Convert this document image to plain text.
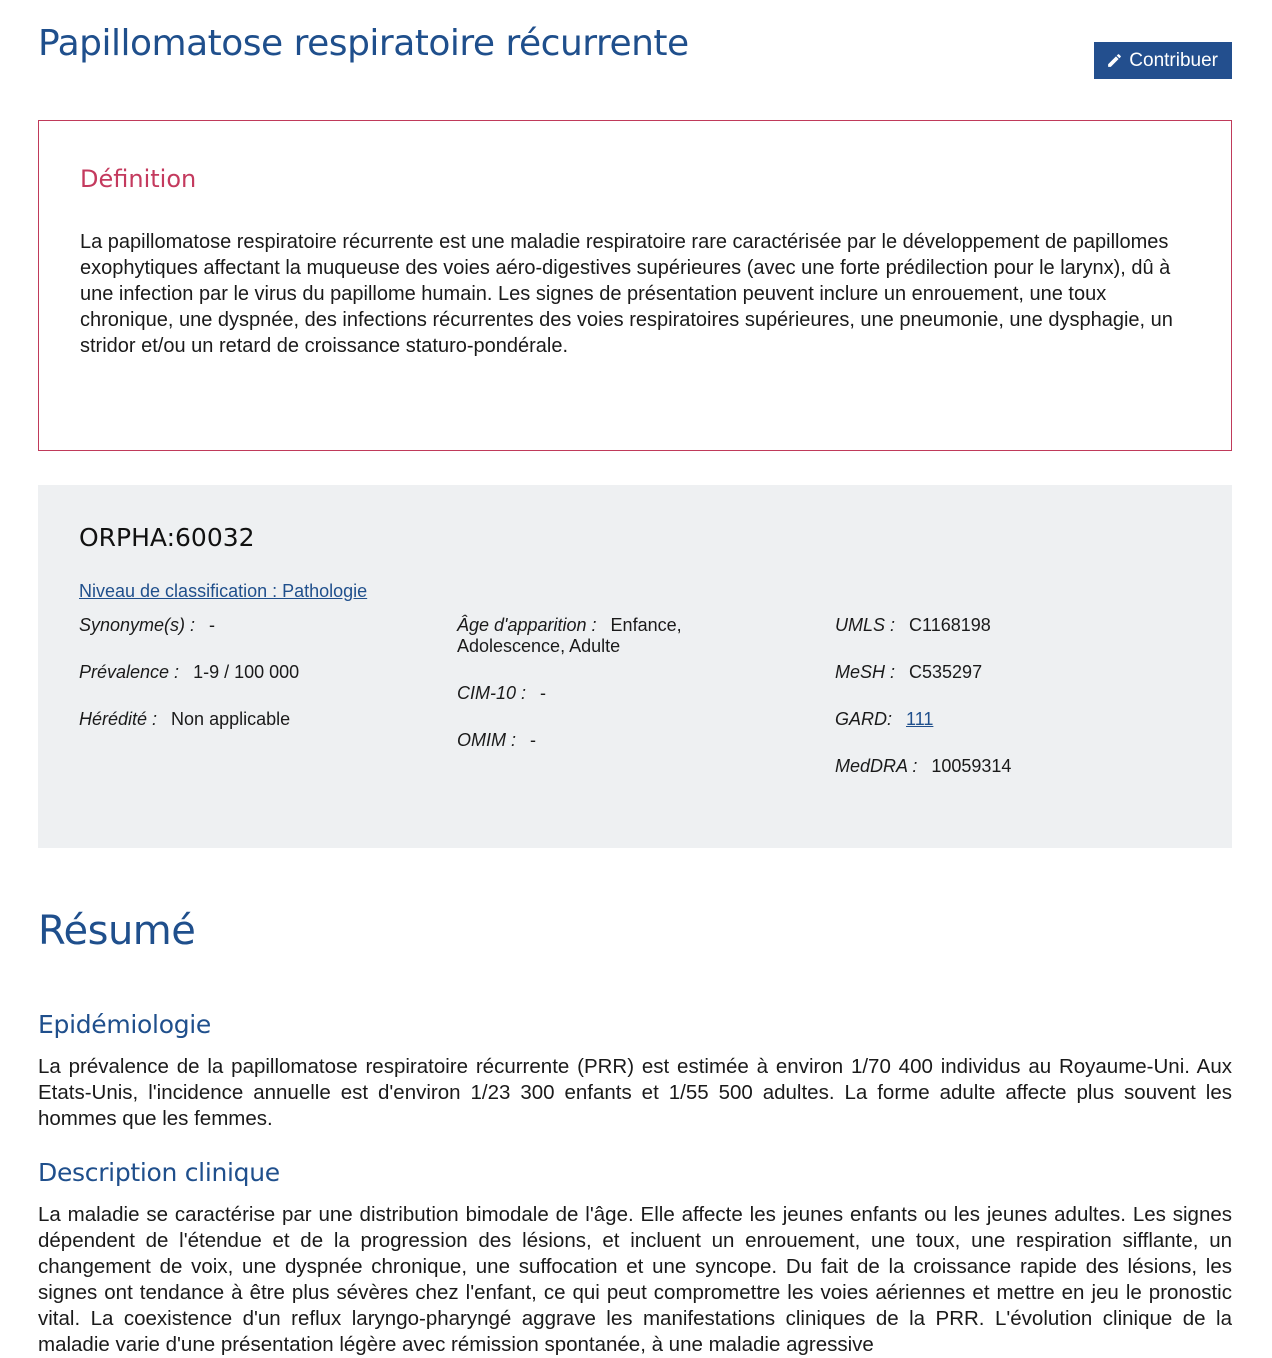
Papillomatose respiratoire récurrente	Contribuer
Définition

La papillomatose respiratoire récurrente est une maladie respiratoire rare caractérisée par le développement de papillomes exophytiques affectant la muqueuse des voies aéro-digestives supérieures (avec une forte prédilection pour le larynx), dû à une infection par le virus du papillome humain. Les signes de présentation peuvent inclure un enrouement, une toux chronique, une dyspnée, des infections récurrentes des voies respiratoires supérieures, une pneumonie, une dysphagie, un stridor et/ou un retard de croissance staturo-pondérale.

ORPHA:60032
Niveau de classification : Pathologie
Synonyme(s) : -
Prévalence : 1-9 / 100 000
Hérédité : Non applicable
Âge d'apparition : Enfance, Adolescence, Adulte
CIM-10 : -
OMIM : -
UMLS : C1168198
MeSH : C535297
GARD: 111
MedDRA : 10059314
Résumé
Epidémiologie

La prévalence de la papillomatose respiratoire récurrente (PRR) est estimée à environ 1/70 400 individus au Royaume-Uni. Aux Etats-Unis, l'incidence annuelle est d'environ 1/23 300 enfants et 1/55 500 adultes. La forme adulte affecte plus souvent les hommes que les femmes.

Description clinique

La maladie se caractérise par une distribution bimodale de l'âge. Elle affecte les jeunes enfants ou les jeunes adultes. Les signes dépendent de l'étendue et de la progression des lésions, et incluent un enrouement, une toux, une respiration sifflante, un changement de voix, une dyspnée chronique, une suffocation et une syncope. Du fait de la croissance rapide des lésions, les signes ont tendance à être plus sévères chez l'enfant, ce qui peut compromettre les voies aériennes et mettre en jeu le pronostic vital. La coexistence d'un reflux laryngo-pharyngé aggrave les manifestations cliniques de la PRR. L'évolution clinique de la maladie varie d'une présentation légère avec rémission spontanée, à une maladie agressive
